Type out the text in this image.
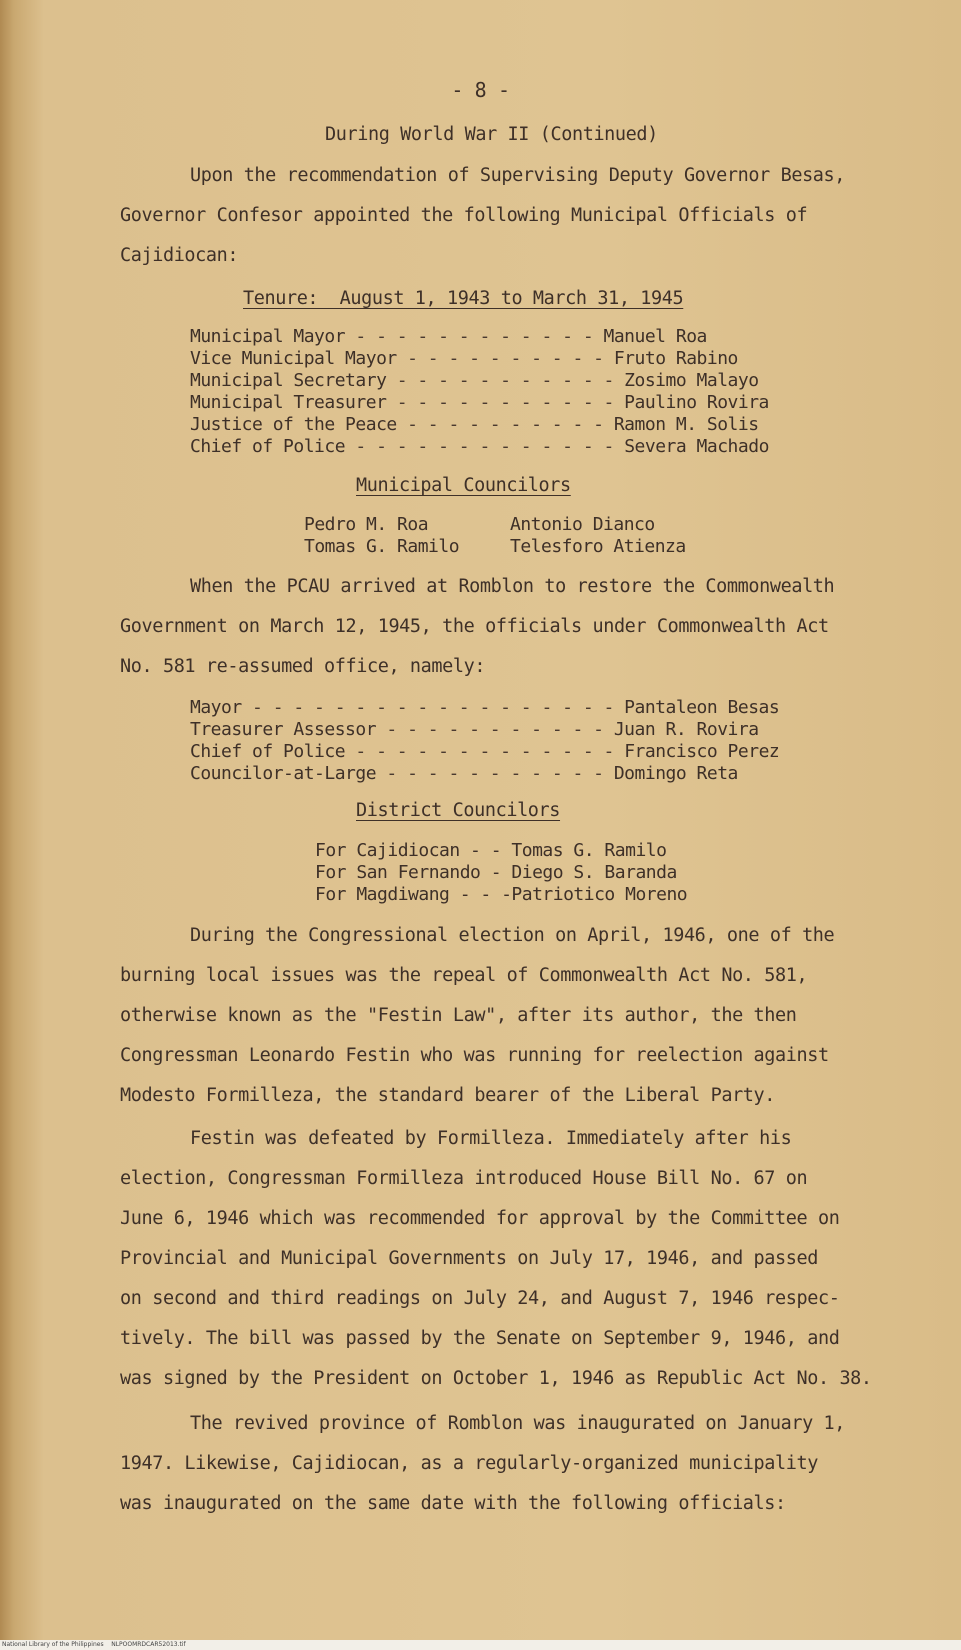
- 8 -
During World War II (Continued)
Upon the recommendation of Supervising Deputy Governor Besas,
Governor Confesor appointed the following Municipal Officials of
Cajidiocan:
Tenure:  August 1, 1943 to March 31, 1945
Municipal Mayor - - - - - - - - - - - - Manuel Roa
Vice Municipal Mayor - - - - - - - - - - Fruto Rabino
Municipal Secretary - - - - - - - - - - - Zosimo Malayo
Municipal Treasurer - - - - - - - - - - - Paulino Rovira
Justice of the Peace - - - - - - - - - - Ramon M. Solis
Chief of Police - - - - - - - - - - - - - Severa Machado
Municipal Councilors
Pedro M. Roa	Antonio Dianco
Tomas G. Ramilo	Telesforo Atienza
When the PCAU arrived at Romblon to restore the Commonwealth
Government on March 12, 1945, the officials under Commonwealth Act
No. 581 re-assumed office, namely:
Mayor - - - - - - - - - - - - - - - - - - Pantaleon Besas
Treasurer Assessor - - - - - - - - - - - Juan R. Rovira
Chief of Police - - - - - - - - - - - - - Francisco Perez
Councilor-at-Large - - - - - - - - - - - Domingo Reta
District Councilors
For Cajidiocan - - Tomas G. Ramilo
For San Fernando - Diego S. Baranda
For Magdiwang - - -Patriotico Moreno
During the Congressional election on April, 1946, one of the
burning local issues was the repeal of Commonwealth Act No. 581,
otherwise known as the "Festin Law", after its author, the then
Congressman Leonardo Festin who was running for reelection against
Modesto Formilleza, the standard bearer of the Liberal Party.
Festin was defeated by Formilleza. Immediately after his
election, Congressman Formilleza introduced House Bill No. 67 on
June 6, 1946 which was recommended for approval by the Committee on
Provincial and Municipal Governments on July 17, 1946, and passed
on second and third readings on July 24, and August 7, 1946 respec-
tively. The bill was passed by the Senate on September 9, 1946, and
was signed by the President on October 1, 1946 as Republic Act No. 38.
The revived province of Romblon was inaugurated on January 1,
1947. Likewise, Cajidiocan, as a regularly-organized municipality
was inaugurated on the same date with the following officials:
National Library of the Philippines    NLPOOMRDCAR52013.tif
